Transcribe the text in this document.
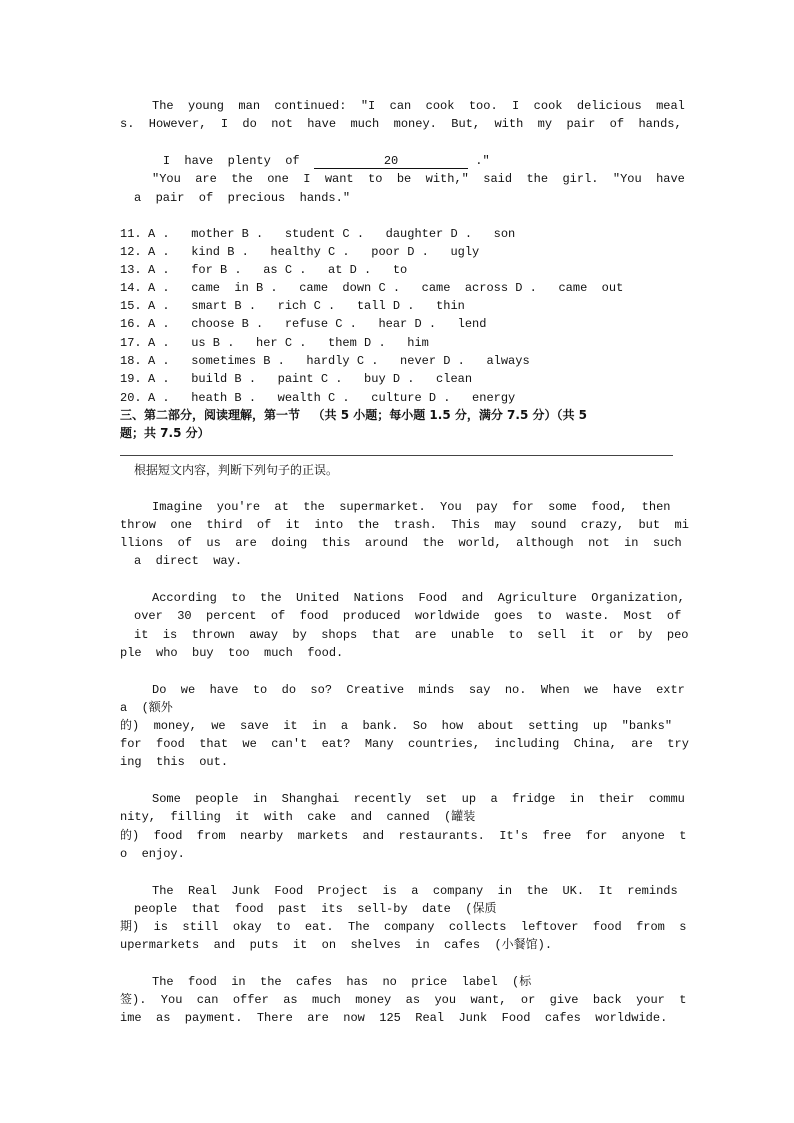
The  young  man  continued:  "I  can  cook  too.  I  cook  delicious  meal
s.  However,  I  do  not  have  much  money.  But,  with  my  pair  of  hands,

I  have  plenty  of	20	."

"You  are  the  one  I  want  to  be  with,"  said  the  girl.  "You  have
a  pair  of  precious  hands."
11. A .   mother B .   student C .   daughter D .   son
12. A .   kind B .   healthy C .   poor D .   ugly
13. A .   for B .   as C .   at D .   to
14. A .   came  in B .   came  down C .   came  across D .   came  out
15. A .   smart B .   rich C .   tall D .   thin
16. A .   choose B .   refuse C .   hear D .   lend
17. A .   us B .   her C .   them D .   him
18. A .   sometimes B .   hardly C .   never D .   always
19. A .   build B .   paint C .   buy D .   clean
20. A .   heath B .   wealth C .   culture D .   energy
三、第二部分，阅读理解，第一节   （共 5 小题；每小题 1.5 分，满分 7.5 分）（共 5
题；共 7.5 分）
根据短文内容，判断下列句子的正误。
Imagine  you're  at  the  supermarket.  You  pay  for  some  food,  then
throw  one  third  of  it  into  the  trash.  This  may  sound  crazy,  but  mi
llions  of  us  are  doing  this  around  the  world,  although  not  in  such
a  direct  way.
According  to  the  United  Nations  Food  and  Agriculture  Organization,
over  30  percent  of  food  produced  worldwide  goes  to  waste.  Most  of
it  is  thrown  away  by  shops  that  are  unable  to  sell  it  or  by  peo
ple  who  buy  too  much  food.
Do  we  have  to  do  so?  Creative  minds  say  no.  When  we  have  extr
a  (额外
的)  money,  we  save  it  in  a  bank.  So  how  about  setting  up  "banks"
for  food  that  we  can't  eat?  Many  countries,  including  China,  are  try
ing  this  out.
Some  people  in  Shanghai  recently  set  up  a  fridge  in  their  commu
nity,  filling  it  with  cake  and  canned  (罐装
的)  food  from  nearby  markets  and  restaurants.  It's  free  for  anyone  t
o  enjoy.
The  Real  Junk  Food  Project  is  a  company  in  the  UK.  It  reminds
people  that  food  past  its  sell-by  date  (保质
期)  is  still  okay  to  eat.  The  company  collects  leftover  food  from  s
upermarkets  and  puts  it  on  shelves  in  cafes  (小餐馆).
The  food  in  the  cafes  has  no  price  label  (标
签).  You  can  offer  as  much  money  as  you  want,  or  give  back  your  t
ime  as  payment.  There  are  now  125  Real  Junk  Food  cafes  worldwide.
